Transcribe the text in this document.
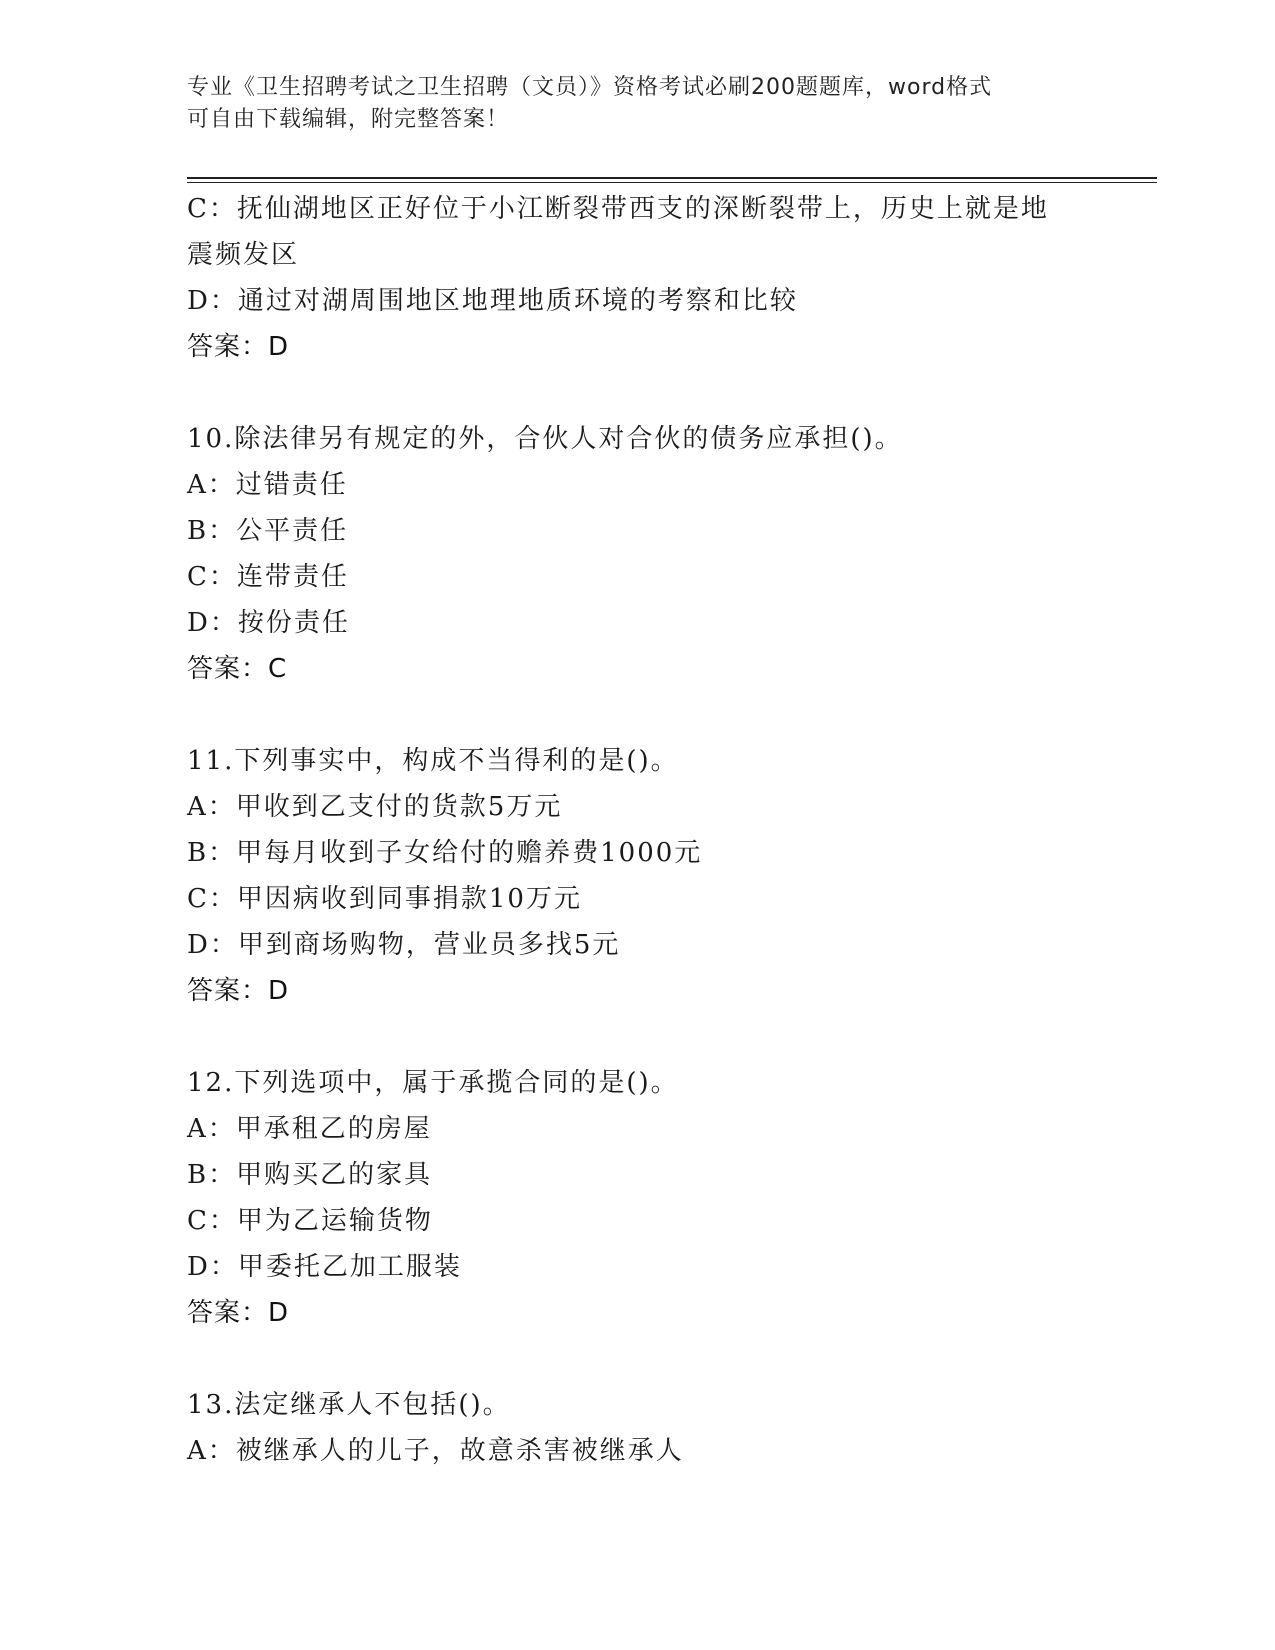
专业《卫生招聘考试之卫生招聘（文员）》资格考试必刷200题题库，word格式
可自由下载编辑，附完整答案！
C：抚仙湖地区正好位于小江断裂带西支的深断裂带上，历史上就是地
震频发区
D：通过对湖周围地区地理地质环境的考察和比较
答案：D
10.除法律另有规定的外，合伙人对合伙的债务应承担()。
A：过错责任
B：公平责任
C：连带责任
D：按份责任
答案：C
11.下列事实中，构成不当得利的是()。
A：甲收到乙支付的货款5万元
B：甲每月收到子女给付的赡养费1000元
C：甲因病收到同事捐款10万元
D：甲到商场购物，营业员多找5元
答案：D
12.下列选项中，属于承揽合同的是()。
A：甲承租乙的房屋
B：甲购买乙的家具
C：甲为乙运输货物
D：甲委托乙加工服装
答案：D
13.法定继承人不包括()。
A：被继承人的儿子，故意杀害被继承人
